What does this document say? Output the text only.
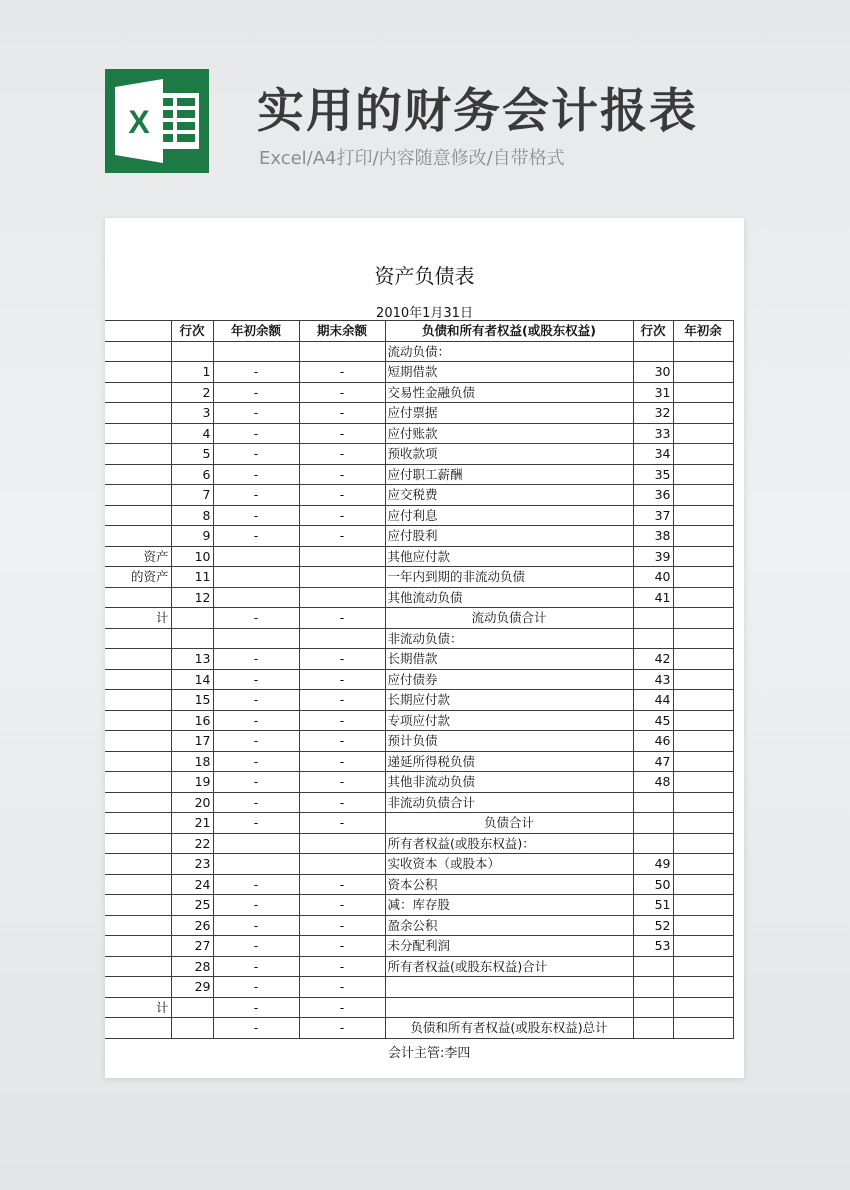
X 实用的财务会计报表
Excel/A4打印/内容随意修改/自带格式
资产负债表
2010年1月31日
	行次	年初余额	期末余额	负债和所有者权益(或股东权益)	行次	年初余
				流动负债：		
	1	-	-	短期借款	30	
	2	-	-	交易性金融负债	31	
	3	-	-	应付票据	32	
	4	-	-	应付账款	33	
	5	-	-	预收款项	34	
	6	-	-	应付职工薪酬	35	
	7	-	-	应交税费	36	
	8	-	-	应付利息	37	
	9	-	-	应付股利	38	
资产	10			其他应付款	39	
的资产	11			一年内到期的非流动负债	40	
	12			其他流动负债	41	
计		-	-	流动负债合计		
				非流动负债：		
	13	-	-	长期借款	42	
	14	-	-	应付债券	43	
	15	-	-	长期应付款	44	
	16	-	-	专项应付款	45	
	17	-	-	预计负债	46	
	18	-	-	递延所得税负债	47	
	19	-	-	其他非流动负债	48	
	20	-	-	非流动负债合计		
	21	-	-	负债合计		
	22			所有者权益(或股东权益)：		
	23			实收资本（或股本）	49	
	24	-	-	资本公积	50	
	25	-	-	减：库存股	51	
	26	-	-	盈余公积	52	
	27	-	-	未分配利润	53	
	28	-	-	所有者权益(或股东权益)合计		
	29	-	-			
计		-	-			
		-	-	负债和所有者权益(或股东权益)总计		
会计主管:李四
